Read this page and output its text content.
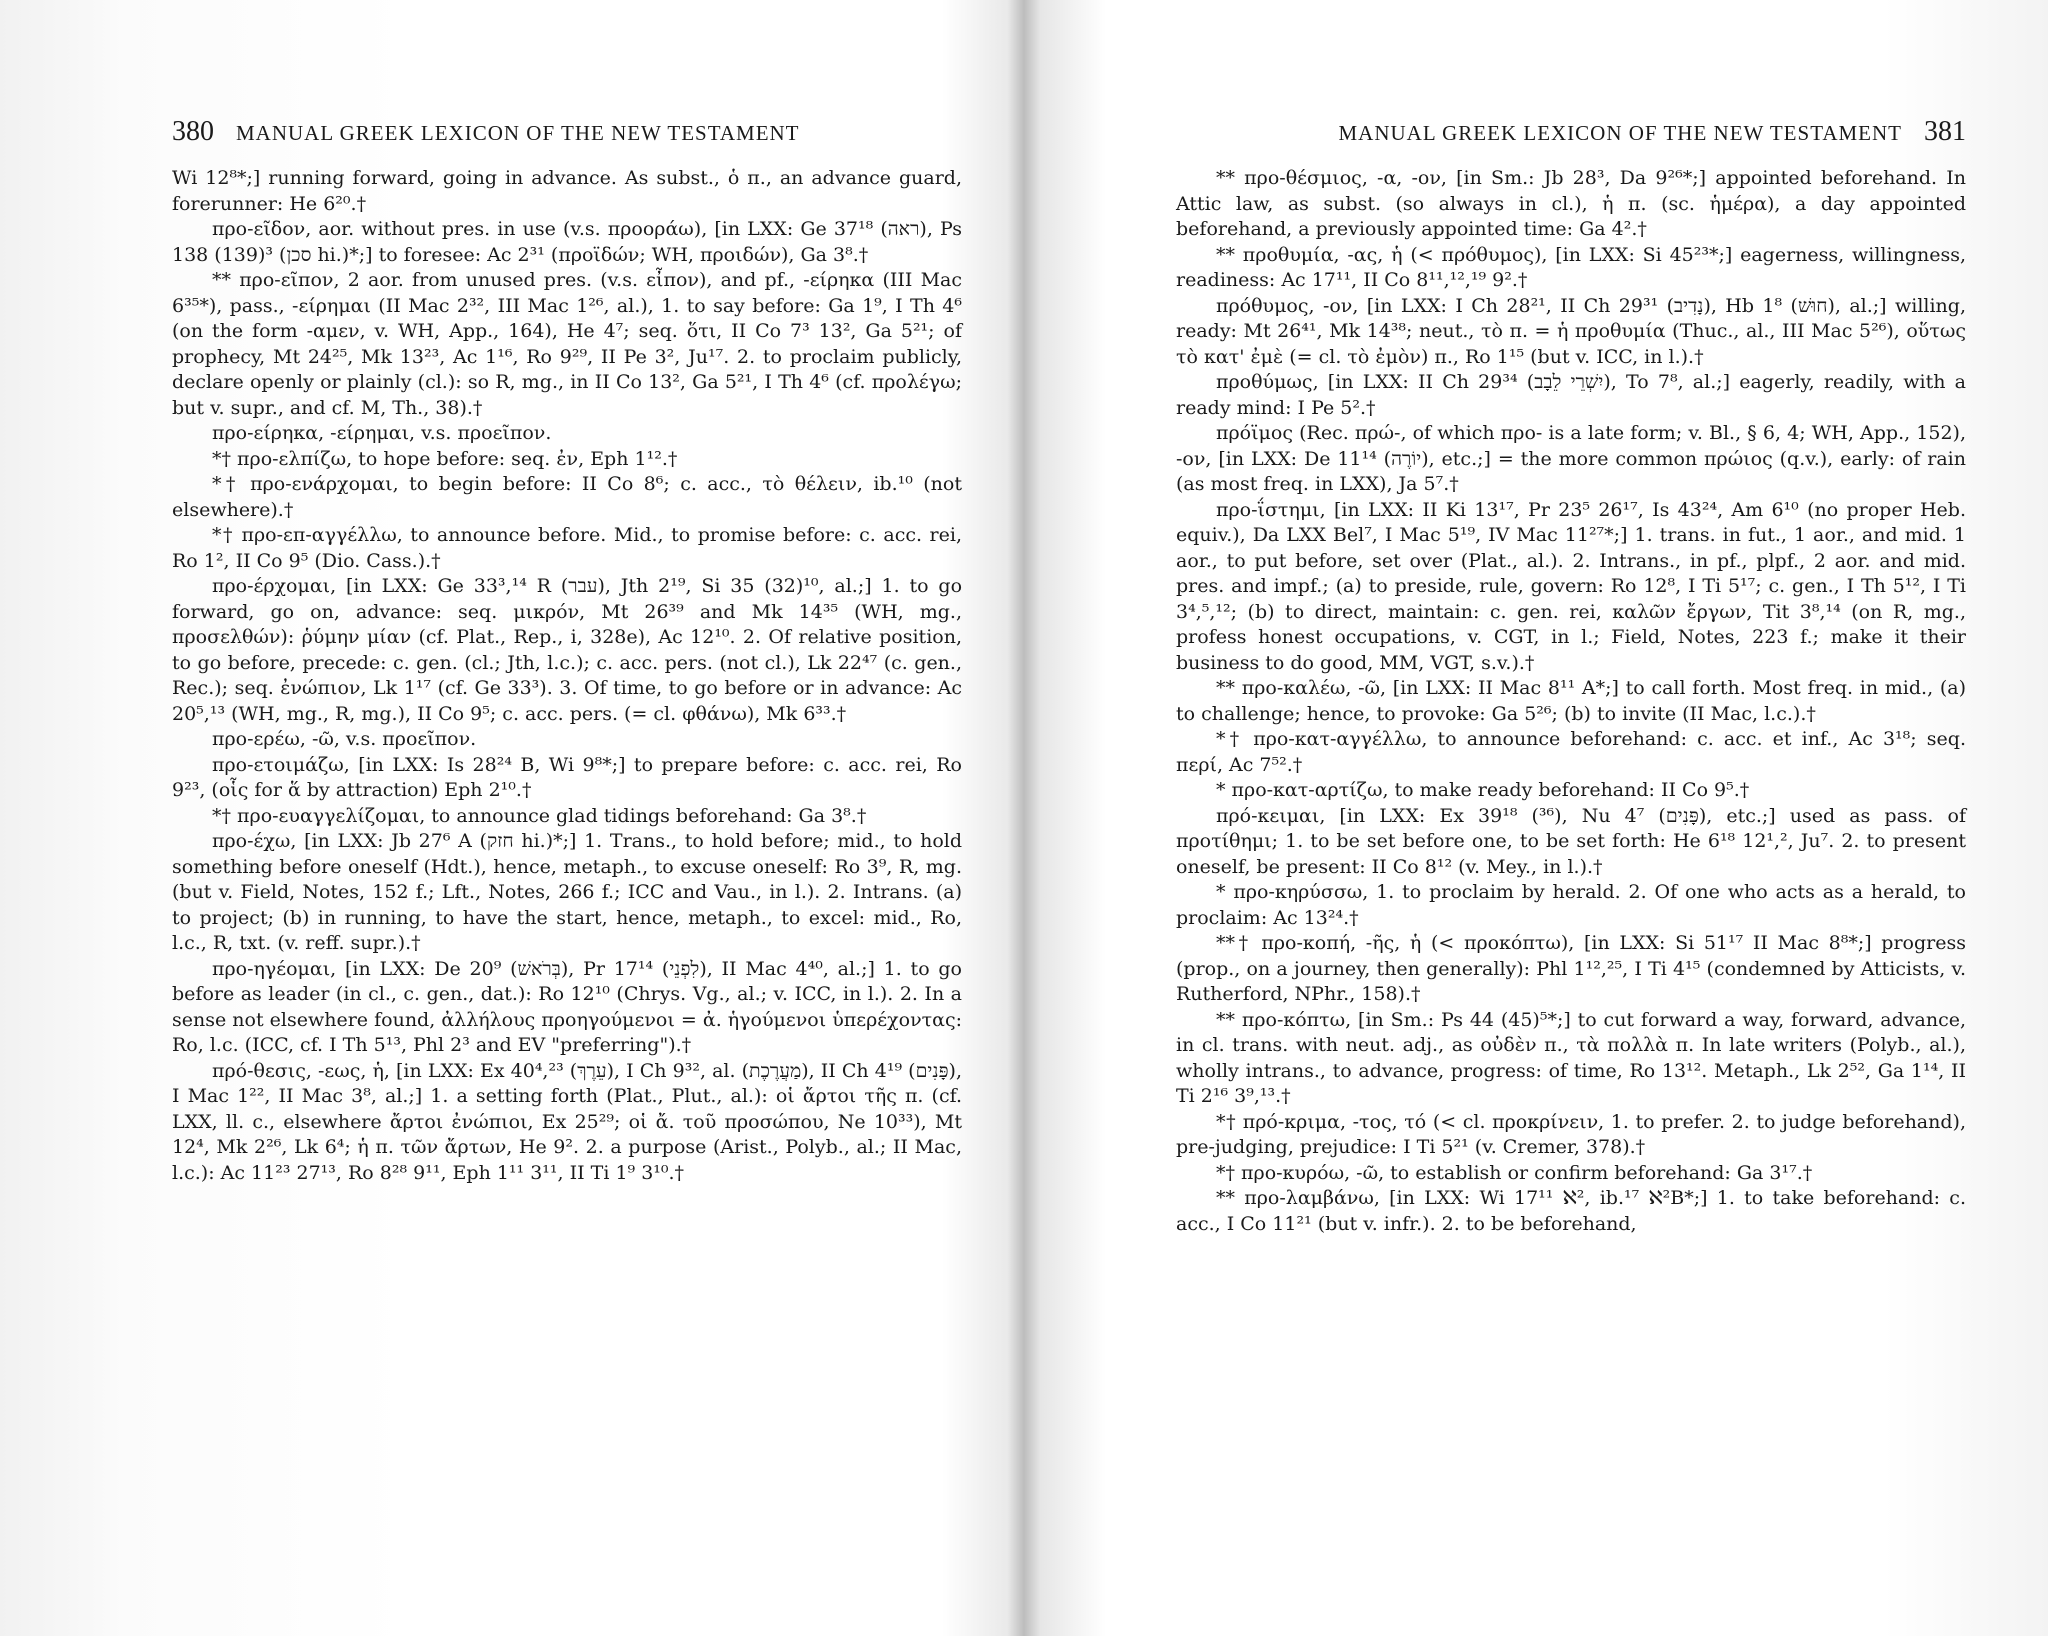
380 MANUAL GREEK LEXICON OF THE NEW TESTAMENT

Wi 12⁸*;] running forward, going in advance. As subst., ὁ π., an advance guard, forerunner: He 6²⁰.†

προ-εῖδον, aor. without pres. in use (v.s. προοράω), [in LXX: Ge 37¹⁸ (ראה), Ps 138 (139)³ (סכן hi.)*;] to foresee: Ac 2³¹ (προϊδών; WH, προιδών), Ga 3⁸.†

** προ-εῖπον, 2 aor. from unused pres. (v.s. εἶπον), and pf., -είρηκα (III Mac 6³⁵*), pass., -είρημαι (II Mac 2³², III Mac 1²⁶, al.), 1. to say before: Ga 1⁹, I Th 4⁶ (on the form -αμεν, v. WH, App., 164), He 4⁷; seq. ὅτι, II Co 7³ 13², Ga 5²¹; of prophecy, Mt 24²⁵, Mk 13²³, Ac 1¹⁶, Ro 9²⁹, II Pe 3², Ju¹⁷. 2. to proclaim publicly, declare openly or plainly (cl.): so R, mg., in II Co 13², Ga 5²¹, I Th 4⁶ (cf. προλέγω; but v. supr., and cf. M, Th., 38).†

προ-είρηκα, -είρημαι, v.s. προεῖπον.

*† προ-ελπίζω, to hope before: seq. ἐν, Eph 1¹².†

*† προ-ενάρχομαι, to begin before: II Co 8⁶; c. acc., τὸ θέλειν, ib.¹⁰ (not elsewhere).†

*† προ-επ-αγγέλλω, to announce before. Mid., to promise before: c. acc. rei, Ro 1², II Co 9⁵ (Dio. Cass.).†

προ-έρχομαι, [in LXX: Ge 33³,¹⁴ R (עבר), Jth 2¹⁹, Si 35 (32)¹⁰, al.;] 1. to go forward, go on, advance: seq. μικρόν, Mt 26³⁹ and Mk 14³⁵ (WH, mg., προσελθών): ῥύμην μίαν (cf. Plat., Rep., i, 328e), Ac 12¹⁰. 2. Of relative position, to go before, precede: c. gen. (cl.; Jth, l.c.); c. acc. pers. (not cl.), Lk 22⁴⁷ (c. gen., Rec.); seq. ἐνώπιον, Lk 1¹⁷ (cf. Ge 33³). 3. Of time, to go before or in advance: Ac 20⁵,¹³ (WH, mg., R, mg.), II Co 9⁵; c. acc. pers. (= cl. φθάνω), Mk 6³³.†

προ-ερέω, -ῶ, v.s. προεῖπον.

προ-ετοιμάζω, [in LXX: Is 28²⁴ B, Wi 9⁸*;] to prepare before: c. acc. rei, Ro 9²³, (οἷς for ἅ by attraction) Eph 2¹⁰.†

*† προ-ευαγγελίζομαι, to announce glad tidings beforehand: Ga 3⁸.†

προ-έχω, [in LXX: Jb 27⁶ A (חזק hi.)*;] 1. Trans., to hold before; mid., to hold something before oneself (Hdt.), hence, metaph., to excuse oneself: Ro 3⁹, R, mg. (but v. Field, Notes, 152 f.; Lft., Notes, 266 f.; ICC and Vau., in l.). 2. Intrans. (a) to project; (b) in running, to have the start, hence, metaph., to excel: mid., Ro, l.c., R, txt. (v. reff. supr.).†

προ-ηγέομαι, [in LXX: De 20⁹ (בְּרֹאשׁ), Pr 17¹⁴ (לִפְנֵי), II Mac 4⁴⁰, al.;] 1. to go before as leader (in cl., c. gen., dat.): Ro 12¹⁰ (Chrys. Vg., al.; v. ICC, in l.). 2. In a sense not elsewhere found, ἀλλήλους προηγούμενοι = ἀ. ἡγούμενοι ὑπερέχοντας: Ro, l.c. (ICC, cf. I Th 5¹³, Phl 2³ and EV "preferring").†

πρό-θεσις, -εως, ἡ, [in LXX: Ex 40⁴,²³ (עֵרֶךְ), I Ch 9³², al. (מַעֲרֶכֶת), II Ch 4¹⁹ (פָּנִים), I Mac 1²², II Mac 3⁸, al.;] 1. a setting forth (Plat., Plut., al.): οἱ ἄρτοι τῆς π. (cf. LXX, ll. c., elsewhere ἄρτοι ἐνώπιοι, Ex 25²⁹; οἱ ἄ. τοῦ προσώπου, Ne 10³³), Mt 12⁴, Mk 2²⁶, Lk 6⁴; ἡ π. τῶν ἄρτων, He 9². 2. a purpose (Arist., Polyb., al.; II Mac, l.c.): Ac 11²³ 27¹³, Ro 8²⁸ 9¹¹, Eph 1¹¹ 3¹¹, II Ti 1⁹ 3¹⁰.†

MANUAL GREEK LEXICON OF THE NEW TESTAMENT 381

** προ-θέσμιος, -α, -ον, [in Sm.: Jb 28³, Da 9²⁶*;] appointed beforehand. In Attic law, as subst. (so always in cl.), ἡ π. (sc. ἡμέρα), a day appointed beforehand, a previously appointed time: Ga 4².†

** προθυμία, -ας, ἡ (< πρόθυμος), [in LXX: Si 45²³*;] eagerness, willingness, readiness: Ac 17¹¹, II Co 8¹¹,¹²,¹⁹ 9².†

πρόθυμος, -ον, [in LXX: I Ch 28²¹, II Ch 29³¹ (נָדִיב), Hb 1⁸ (חוּשׁ), al.;] willing, ready: Mt 26⁴¹, Mk 14³⁸; neut., τὸ π. = ἡ προθυμία (Thuc., al., III Mac 5²⁶), οὕτως τὸ κατ' ἐμὲ (= cl. τὸ ἐμὸν) π., Ro 1¹⁵ (but v. ICC, in l.).†

προθύμως, [in LXX: II Ch 29³⁴ (יִשְׁרֵי לֵבָב), To 7⁸, al.;] eagerly, readily, with a ready mind: I Pe 5².†

πρόϊμος (Rec. πρώ-, of which προ- is a late form; v. Bl., § 6, 4; WH, App., 152), -ον, [in LXX: De 11¹⁴ (יוֹרֶה), etc.;] = the more common πρώιος (q.v.), early: of rain (as most freq. in LXX), Ja 5⁷.†

προ-ΐστημι, [in LXX: II Ki 13¹⁷, Pr 23⁵ 26¹⁷, Is 43²⁴, Am 6¹⁰ (no proper Heb. equiv.), Da LXX Bel⁷, I Mac 5¹⁹, IV Mac 11²⁷*;] 1. trans. in fut., 1 aor., and mid. 1 aor., to put before, set over (Plat., al.). 2. Intrans., in pf., plpf., 2 aor. and mid. pres. and impf.; (a) to preside, rule, govern: Ro 12⁸, I Ti 5¹⁷; c. gen., I Th 5¹², I Ti 3⁴,⁵,¹²; (b) to direct, maintain: c. gen. rei, καλῶν ἔργων, Tit 3⁸,¹⁴ (on R, mg., profess honest occupations, v. CGT, in l.; Field, Notes, 223 f.; make it their business to do good, MM, VGT, s.v.).†

** προ-καλέω, -ῶ, [in LXX: II Mac 8¹¹ A*;] to call forth. Most freq. in mid., (a) to challenge; hence, to provoke: Ga 5²⁶; (b) to invite (II Mac, l.c.).†

*† προ-κατ-αγγέλλω, to announce beforehand: c. acc. et inf., Ac 3¹⁸; seq. περί, Ac 7⁵².†

* προ-κατ-αρτίζω, to make ready beforehand: II Co 9⁵.†

πρό-κειμαι, [in LXX: Ex 39¹⁸ (³⁶), Nu 4⁷ (פָּנִים), etc.;] used as pass. of προτίθημι; 1. to be set before one, to be set forth: He 6¹⁸ 12¹,², Ju⁷. 2. to present oneself, be present: II Co 8¹² (v. Mey., in l.).†

* προ-κηρύσσω, 1. to proclaim by herald. 2. Of one who acts as a herald, to proclaim: Ac 13²⁴.†

**† προ-κοπή, -ῆς, ἡ (< προκόπτω), [in LXX: Si 51¹⁷ II Mac 8⁸*;] progress (prop., on a journey, then generally): Phl 1¹²,²⁵, I Ti 4¹⁵ (condemned by Atticists, v. Rutherford, NPhr., 158).†

** προ-κόπτω, [in Sm.: Ps 44 (45)⁵*;] to cut forward a way, forward, advance, in cl. trans. with neut. adj., as οὐδὲν π., τὰ πολλὰ π. In late writers (Polyb., al.), wholly intrans., to advance, progress: of time, Ro 13¹². Metaph., Lk 2⁵², Ga 1¹⁴, II Ti 2¹⁶ 3⁹,¹³.†

*† πρό-κριμα, -τος, τό (< cl. προκρίνειν, 1. to prefer. 2. to judge beforehand), pre-judging, prejudice: I Ti 5²¹ (v. Cremer, 378).†

*† προ-κυρόω, -ῶ, to establish or confirm beforehand: Ga 3¹⁷.†

** προ-λαμβάνω, [in LXX: Wi 17¹¹ ℵ², ib.¹⁷ ℵ²B*;] 1. to take beforehand: c. acc., I Co 11²¹ (but v. infr.). 2. to be beforehand,
